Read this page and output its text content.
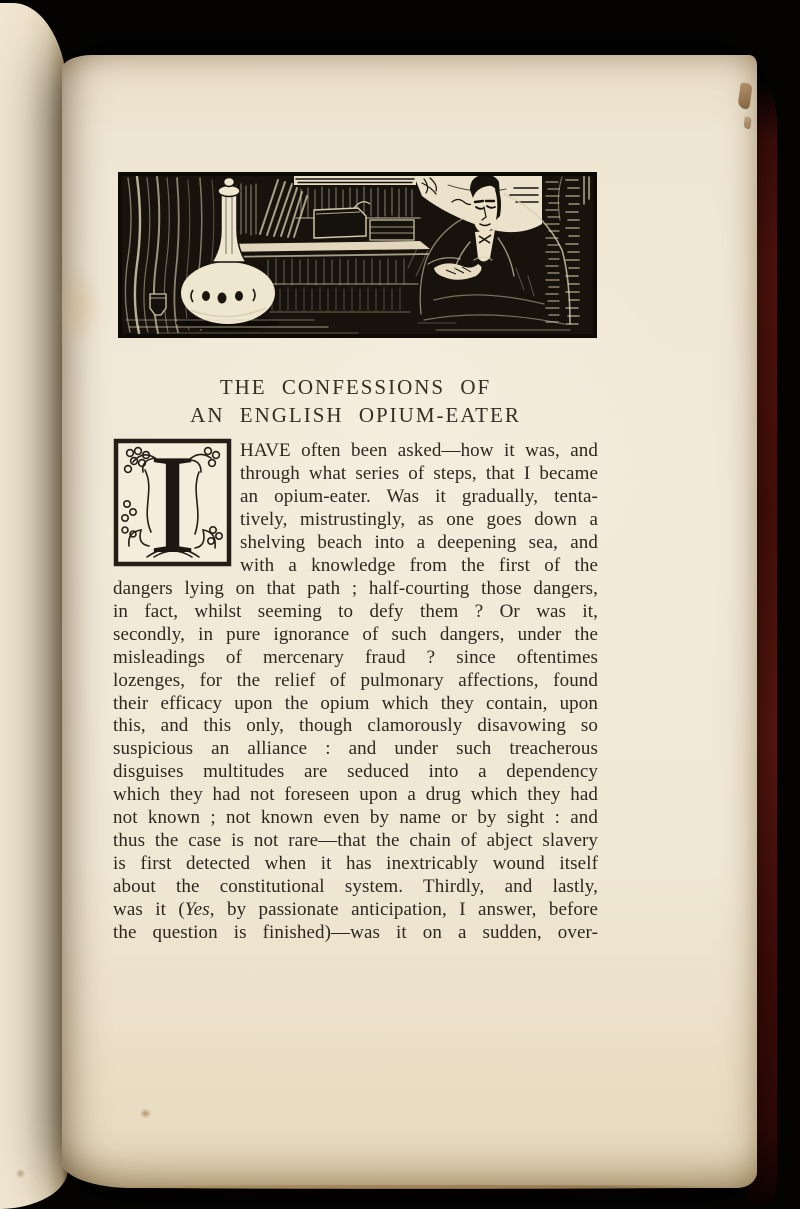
THE CONFESSIONS OF
AN ENGLISH OPIUM-EATER
I HAVE often been asked—how it was, and
through what series of steps, that I became
an opium-eater. Was it gradually, tenta-
tively, mistrustingly, as one goes down a
shelving beach into a deepening sea, and
with a knowledge from the first of the
dangers lying on that path ; half-courting those dangers,
in fact, whilst seeming to defy them ? Or was it,
secondly, in pure ignorance of such dangers, under the
misleadings of mercenary fraud ? since oftentimes
lozenges, for the relief of pulmonary affections, found
their efficacy upon the opium which they contain, upon
this, and this only, though clamorously disavowing so
suspicious an alliance : and under such treacherous
disguises multitudes are seduced into a dependency
which they had not foreseen upon a drug which they had
not known ; not known even by name or by sight : and
thus the case is not rare—that the chain of abject slavery
is first detected when it has inextricably wound itself
about the constitutional system. Thirdly, and lastly,
was it (Yes, by passionate anticipation, I answer, before
the question is finished)—was it on a sudden, over-
